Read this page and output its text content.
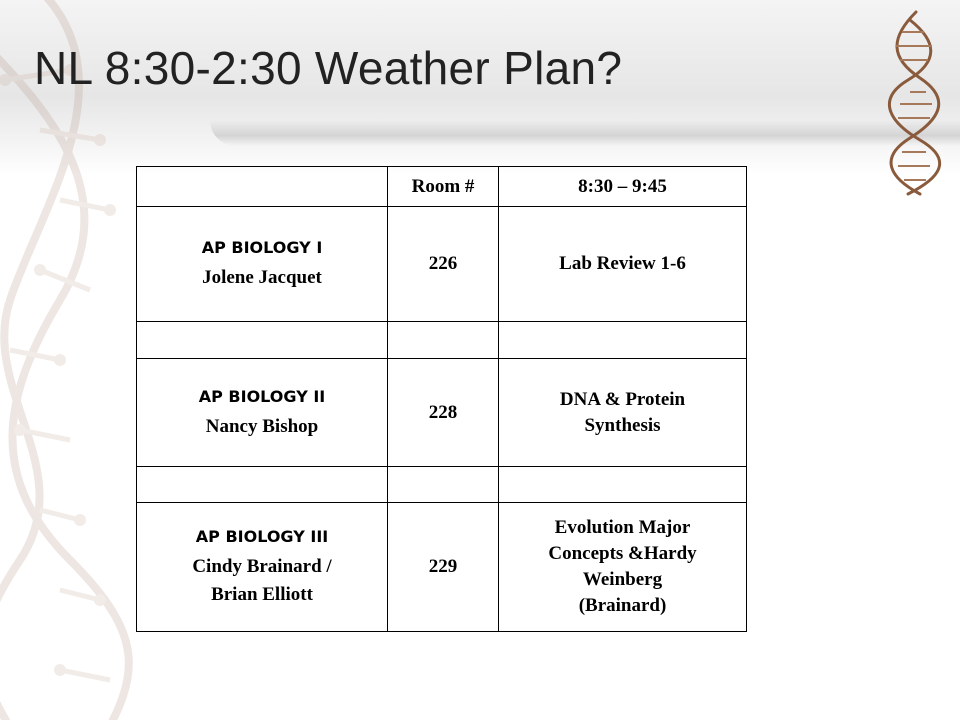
NL 8:30-2:30 Weather Plan?
	Room #	8:30 – 9:45

AP BIOLOGY I
Jolene Jacquet	226	Lab Review 1-6

AP BIOLOGY II
Nancy Bishop	228	DNA & Protein
Synthesis

AP BIOLOGY III
Cindy Brainard /
Brian Elliott	229	Evolution Major
Concepts &Hardy
Weinberg
(Brainard)
